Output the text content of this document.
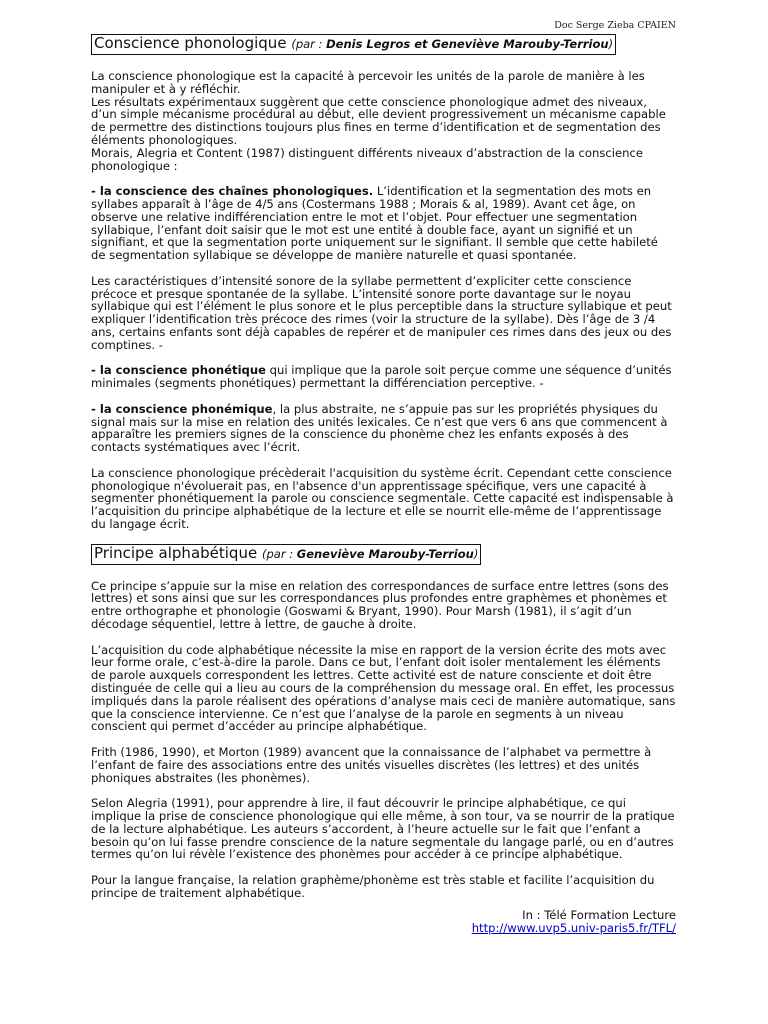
Doc Serge Zieba CPAIEN
Conscience phonologique (par : Denis Legros et Geneviève Marouby-Terriou)

La conscience phonologique est la capacité à percevoir les unités de la parole de manière à les manipuler et à y réfléchir.

Les résultats expérimentaux suggèrent que cette conscience phonologique admet des niveaux, d’un simple mécanisme procédural au début, elle devient progressivement un mécanisme capable de permettre des distinctions toujours plus fines en terme d’identification et de segmentation des éléments phonologiques.

Morais, Alegria et Content (1987) distinguent différents niveaux d’abstraction de la conscience phonologique :

- la conscience des chaînes phonologiques. L’identification et la segmentation des mots en syllabes apparaît à l’âge de 4/5 ans (Costermans 1988 ; Morais & al, 1989). Avant cet âge, on observe une relative indifférenciation entre le mot et l’objet. Pour effectuer une segmentation syllabique, l’enfant doit saisir que le mot est une entité à double face, ayant un signifié et un signifiant, et que la segmentation porte uniquement sur le signifiant. Il semble que cette habileté de segmentation syllabique se développe de manière naturelle et quasi spontanée.

Les caractéristiques d’intensité sonore de la syllabe permettent d’expliciter cette conscience précoce et presque spontanée de la syllabe. L’intensité sonore porte davantage sur le noyau syllabique qui est l’élément le plus sonore et le plus perceptible dans la structure syllabique et peut expliquer l’identification très précoce des rimes (voir la structure de la syllabe). Dès l’âge de 3 /4 ans, certains enfants sont déjà capables de repérer et de manipuler ces rimes dans des jeux ou des comptines. -

- la conscience phonétique qui implique que la parole soit perçue comme une séquence d’unités minimales (segments phonétiques) permettant la différenciation perceptive. -

- la conscience phonémique, la plus abstraite, ne s’appuie pas sur les propriétés physiques du signal mais sur la mise en relation des unités lexicales. Ce n’est que vers 6 ans que commencent à apparaître les premiers signes de la conscience du phonème chez les enfants exposés à des contacts systématiques avec l’écrit.

La conscience phonologique précèderait l'acquisition du système écrit. Cependant cette conscience phonologique n'évoluerait pas, en l'absence d'un apprentissage spécifique, vers une capacité à segmenter phonétiquement la parole ou conscience segmentale. Cette capacité est indispensable à l’acquisition du principe alphabétique de la lecture et elle se nourrit elle-même de l’apprentissage du langage écrit.

Principe alphabétique (par : Geneviève Marouby-Terriou)

Ce principe s’appuie sur la mise en relation des correspondances de surface entre lettres (sons des lettres) et sons ainsi que sur les correspondances plus profondes entre graphèmes et phonèmes et entre orthographe et phonologie (Goswami & Bryant, 1990). Pour Marsh (1981), il s’agit d’un décodage séquentiel, lettre à lettre, de gauche à droite.

L’acquisition du code alphabétique nécessite la mise en rapport de la version écrite des mots avec leur forme orale, c’est-à-dire la parole. Dans ce but, l’enfant doit isoler mentalement les éléments de parole auxquels correspondent les lettres. Cette activité est de nature consciente et doit être distinguée de celle qui a lieu au cours de la compréhension du message oral. En effet, les processus impliqués dans la parole réalisent des opérations d’analyse mais ceci de manière automatique, sans que la conscience intervienne. Ce n’est que l’analyse de la parole en segments à un niveau conscient qui permet d’accéder au principe alphabétique.

Frith (1986, 1990), et Morton (1989) avancent que la connaissance de l’alphabet va permettre à l’enfant de faire des associations entre des unités visuelles discrètes (les lettres) et des unités phoniques abstraites (les phonèmes).

Selon Alegria (1991), pour apprendre à lire, il faut découvrir le principe alphabétique, ce qui implique la prise de conscience phonologique qui elle même, à son tour, va se nourrir de la pratique de la lecture alphabétique. Les auteurs s’accordent, à l’heure actuelle sur le fait que l’enfant a besoin qu’on lui fasse prendre conscience de la nature segmentale du langage parlé, ou en d’autres termes qu’on lui révèle l’existence des phonèmes pour accéder à ce principe alphabétique.

Pour la langue française, la relation graphème/phonème est très stable et facilite l’acquisition du principe de traitement alphabétique.

In : Télé Formation Lecture
http://www.uvp5.univ-paris5.fr/TFL/
